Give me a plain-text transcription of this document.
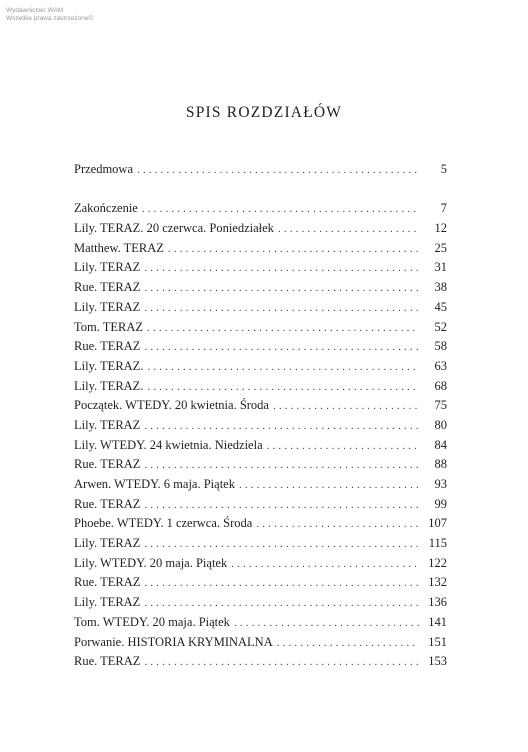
Wydawnictwo WAM
Wszelkie prawa zastrzeżone©
SPIS ROZDZIAŁÓW
Przedmowa . . .	5
Zakończenie . . .	7
Lily. TERAZ. 20 czerwca. Poniedziałek . . .	12
Matthew. TERAZ . . .	25
Lily. TERAZ . . .	31
Rue. TERAZ . . .	38
Lily. TERAZ . . .	45
Tom. TERAZ . . .	52
Rue. TERAZ . . .	58
Lily. TERAZ. . . .	63
Lily. TERAZ. . . .	68
Początek. WTEDY. 20 kwietnia. Środa . . .	75
Lily. TERAZ . . .	80
Lily. WTEDY. 24 kwietnia. Niedziela . . .	84
Rue. TERAZ . . .	88
Arwen. WTEDY. 6 maja. Piątek . . .	93
Rue. TERAZ . . .	99
Phoebe. WTEDY. 1 czerwca. Środa . . .	107
Lily. TERAZ . . .	115
Lily. WTEDY. 20 maja. Piątek . . .	122
Rue. TERAZ . . .	132
Lily. TERAZ . . .	136
Tom. WTEDY. 20 maja. Piątek . . .	141
Porwanie. HISTORIA KRYMINALNA . . .	151
Rue. TERAZ . . .	153
